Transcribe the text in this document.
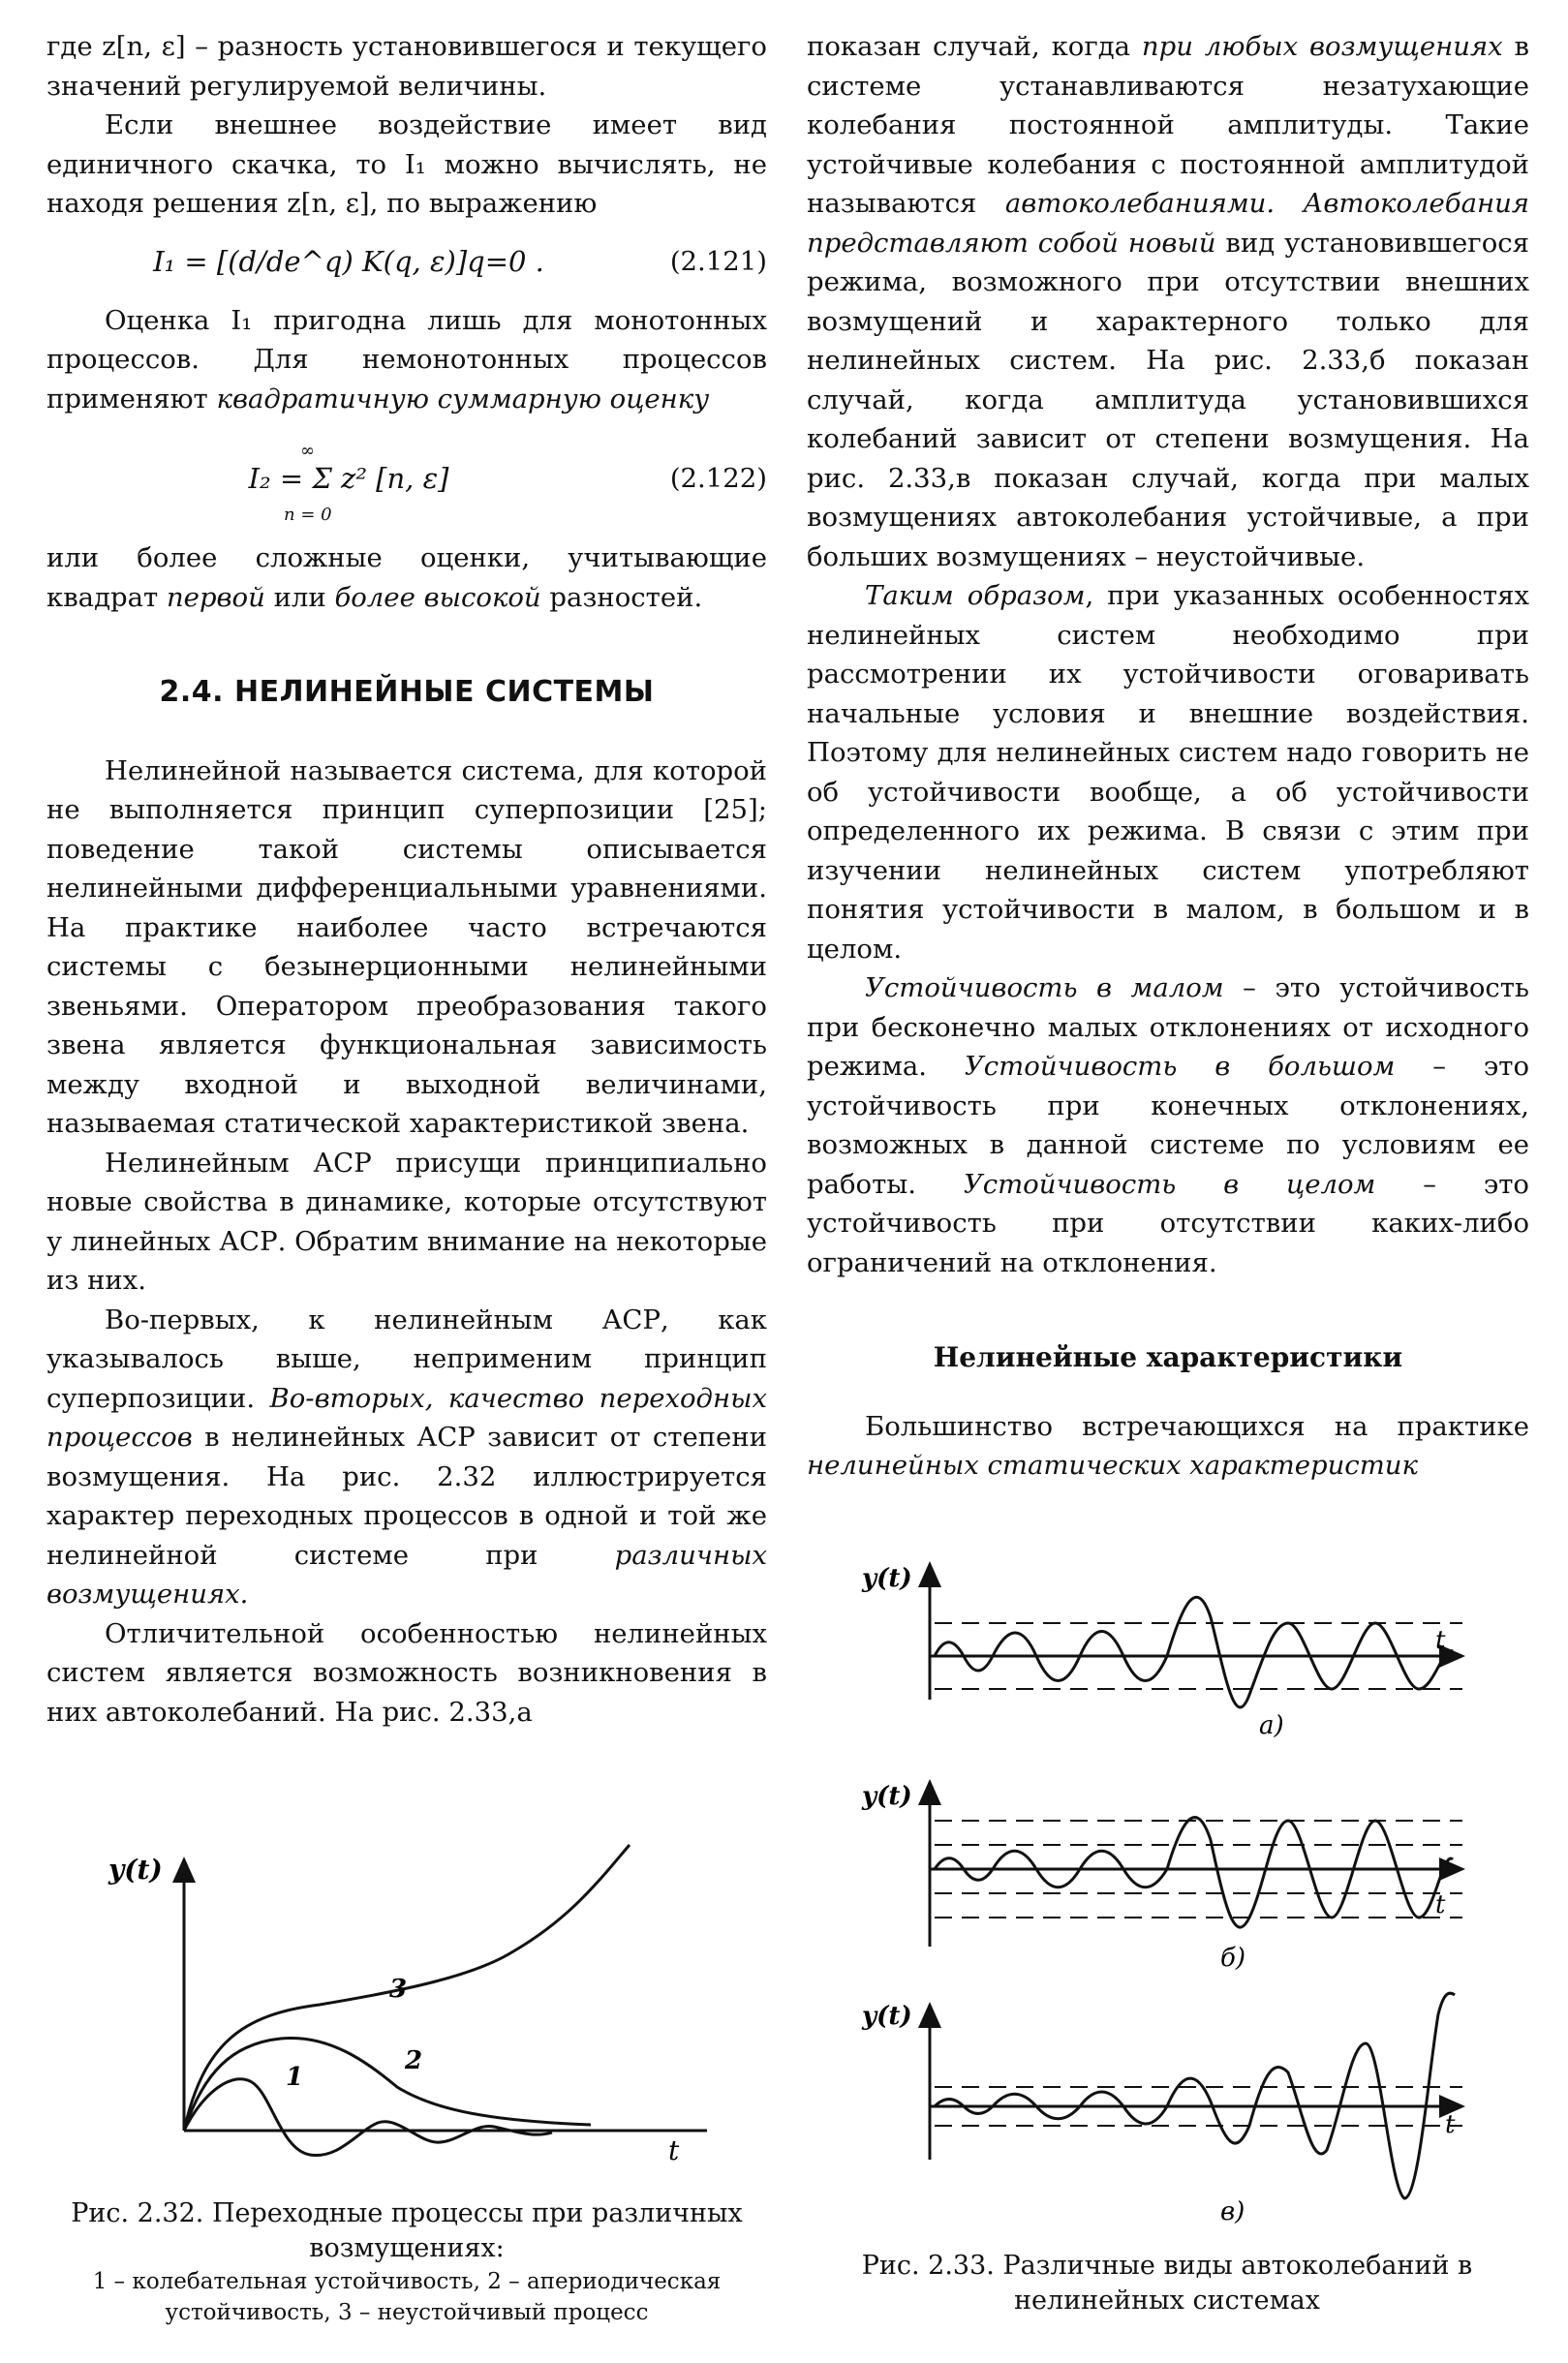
где z[n, ε] – разность установившегося и текущего значений регулируемой величины.

Если внешнее воздействие имеет вид единичного скачка, то I₁ можно вычислять, не находя решения z[n, ε], по выражению

I₁ = [(d/de^q) K(q, ε)]q=0 .	(2.121)

Оценка I₁ пригодна лишь для монотонных процессов. Для немонотонных процессов применяют квадратичную суммарную оценку

∞
I₂ = Σ z² [n, ε]
n = 0
(2.122)

или более сложные оценки, учитывающие квадрат первой или более высокой разностей.

2.4. НЕЛИНЕЙНЫЕ СИСТЕМЫ

Нелинейной называется система, для которой не выполняется принцип суперпозиции [25]; поведение такой системы описывается нелинейными дифференциальными уравнениями. На практике наиболее часто встречаются системы с безынерционными нелинейными звеньями. Оператором преобразования такого звена является функциональная зависимость между входной и выходной величинами, называемая статической характеристикой звена.

Нелинейным АСР присущи принципиально новые свойства в динамике, которые отсутствуют у линейных АСР. Обратим внимание на некоторые из них.

Во-первых, к нелинейным АСР, как указывалось выше, неприменим принцип суперпозиции. Во-вторых, качество переходных процессов в нелинейных АСР зависит от степени возмущения. На рис. 2.32 иллюстрируется характер переходных процессов в одной и той же нелинейной системе при различных возмущениях.

Отличительной особенностью нелинейных систем является возможность возникновения в них автоколебаний. На рис. 2.33,а

y(t)
t
3
2
1
Рис. 2.32. Переходные процессы при различных возмущениях:
1 – колебательная устойчивость, 2 – апериодическая устойчивость, 3 – неустойчивый процесс

показан случай, когда при любых возмущениях в системе устанавливаются незатухающие колебания постоянной амплитуды. Такие устойчивые колебания с постоянной амплитудой называются автоколебаниями. Автоколебания представляют собой новый вид установившегося режима, возможного при отсутствии внешних возмущений и характерного только для нелинейных систем. На рис. 2.33,б показан случай, когда амплитуда установившихся колебаний зависит от степени возмущения. На рис. 2.33,в показан случай, когда при малых возмущениях автоколебания устойчивые, а при больших возмущениях – неустойчивые.

Таким образом, при указанных особенностях нелинейных систем необходимо при рассмотрении их устойчивости оговаривать начальные условия и внешние воздействия. Поэтому для нелинейных систем надо говорить не об устойчивости вообще, а об устойчивости определенного их режима. В связи с этим при изучении нелинейных систем употребляют понятия устойчивости в малом, в большом и в целом.

Устойчивость в малом – это устойчивость при бесконечно малых отклонениях от исходного режима. Устойчивость в большом – это устойчивость при конечных отклонениях, возможных в данной системе по условиям ее работы. Устойчивость в целом – это устойчивость при отсутствии каких-либо ограничений на отклонения.

Нелинейные характеристики

Большинство встречающихся на практике нелинейных статических характеристик

y(t)
t
а)
y(t)
t
б)
y(t)
t
в)
Рис. 2.33. Различные виды автоколебаний в нелинейных системах
